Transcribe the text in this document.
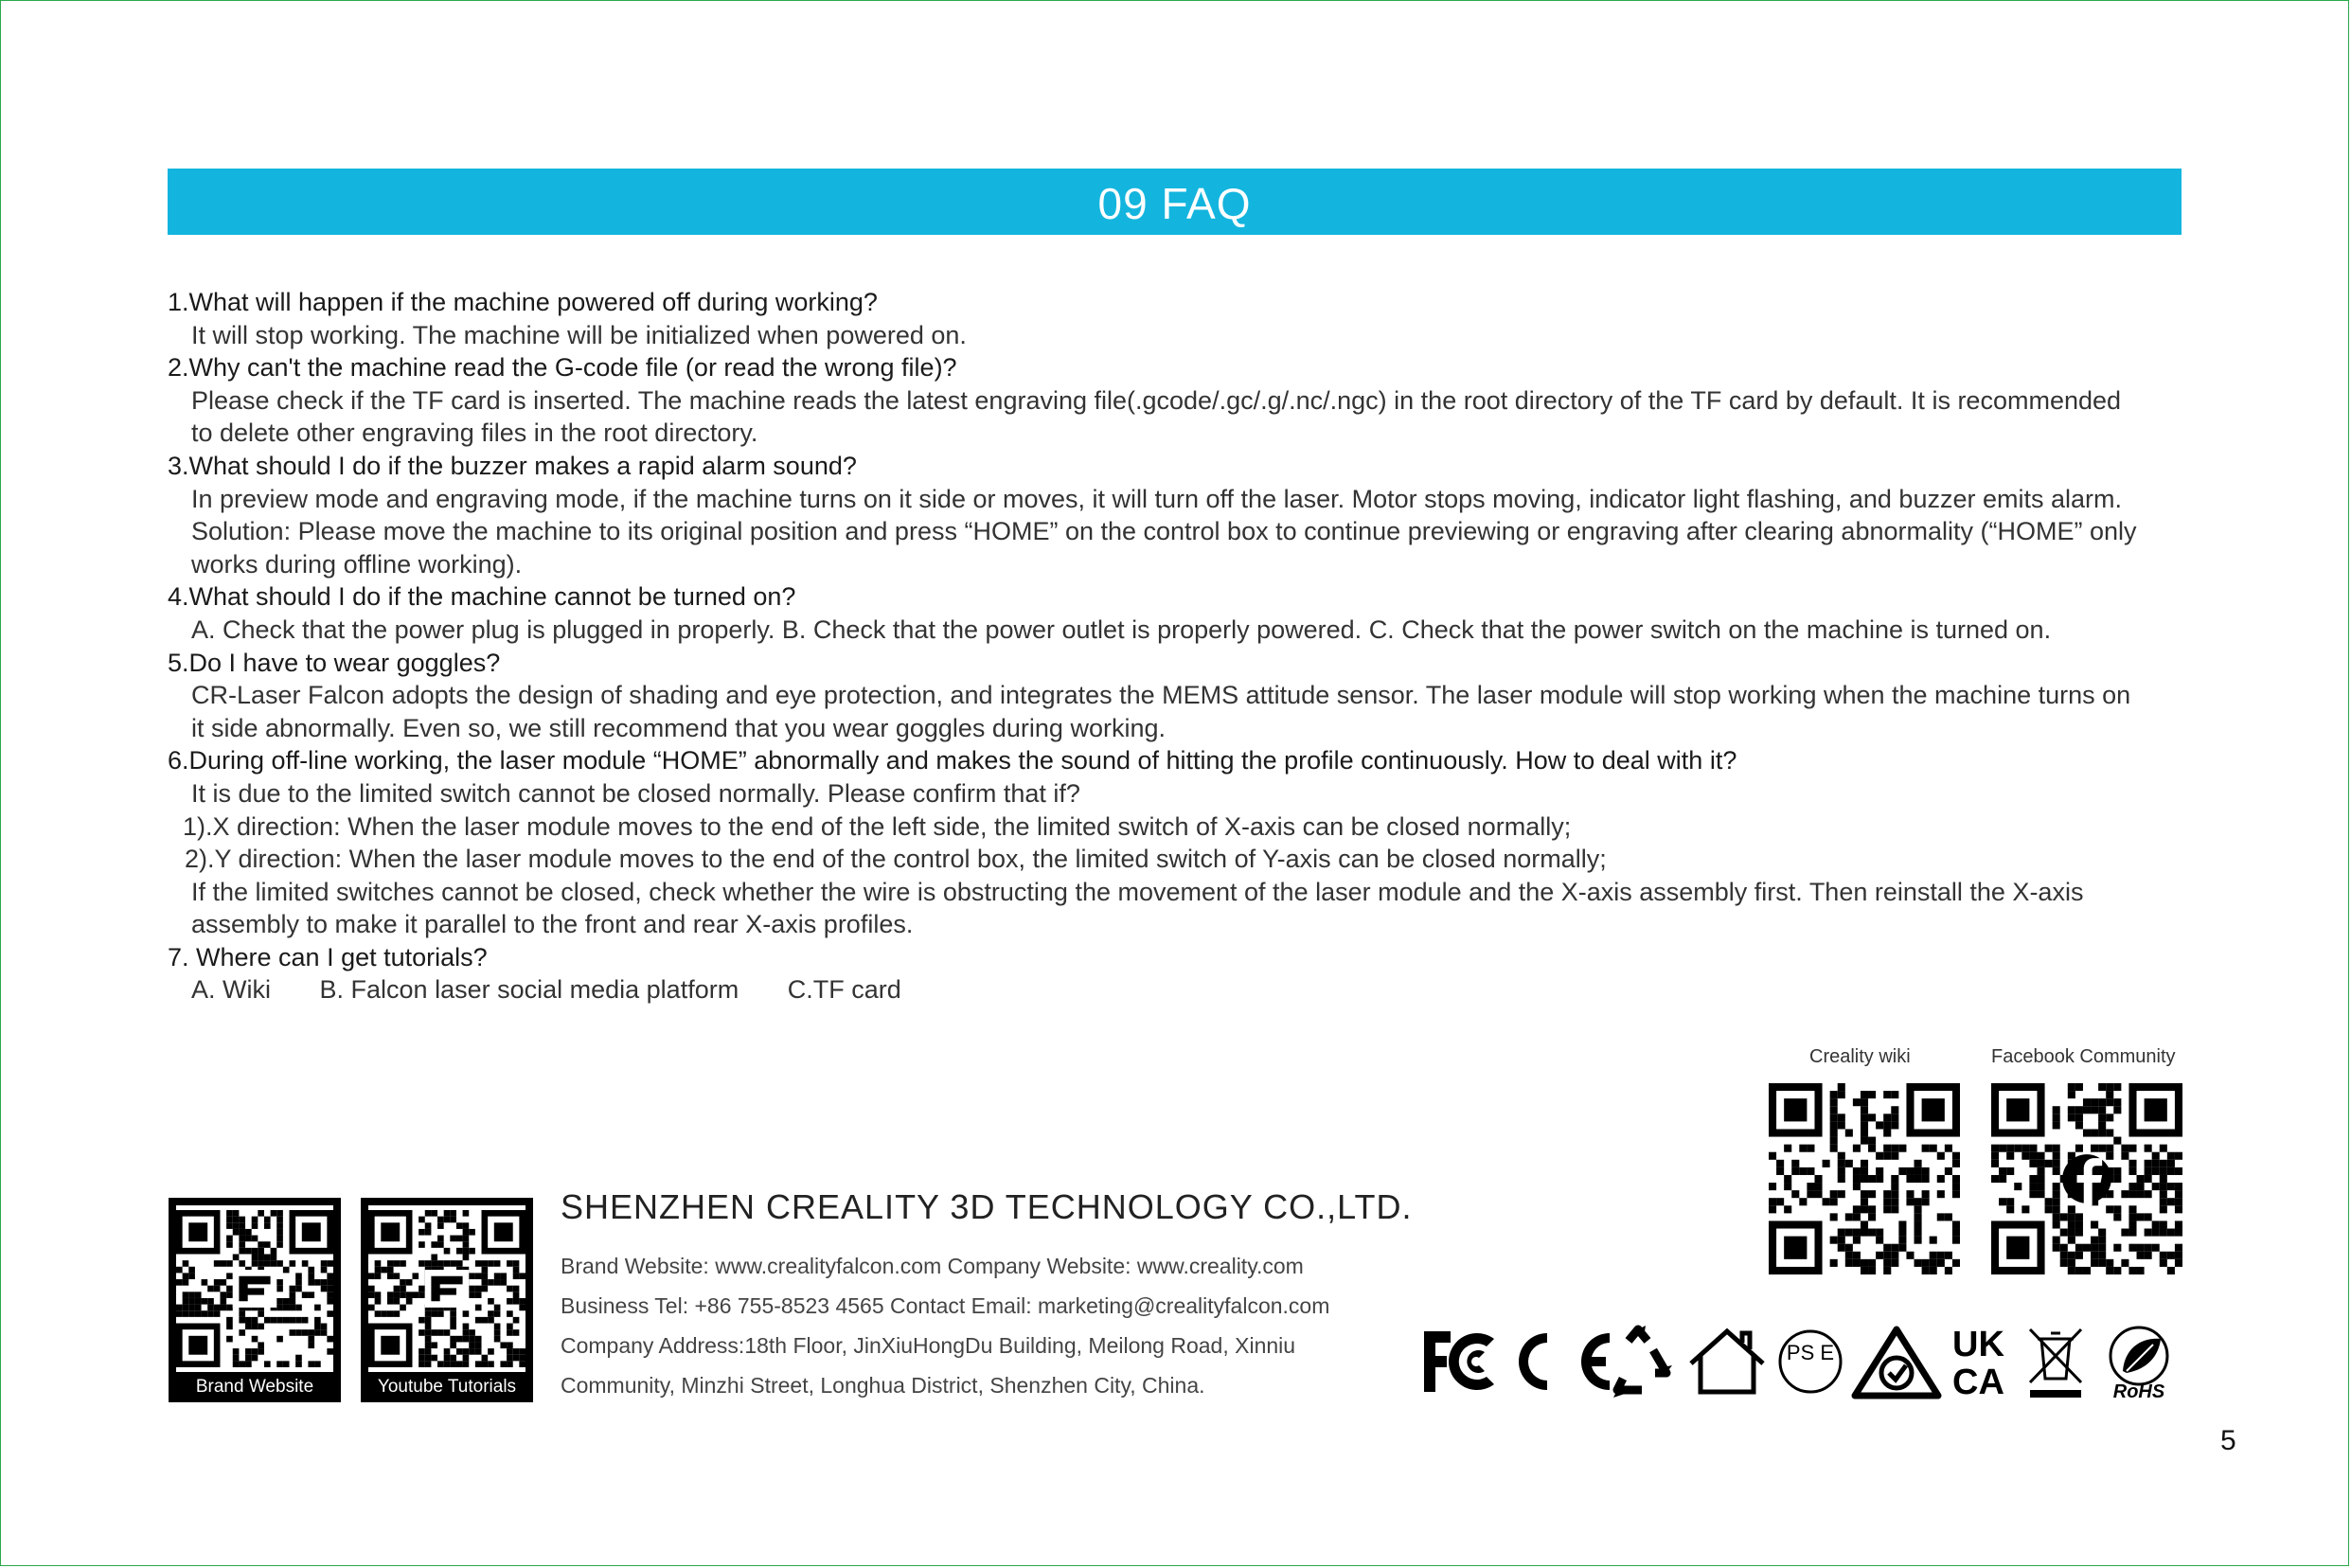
09 FAQ
1.What will happen if the machine powered off during working?
It will stop working. The machine will be initialized when powered on.
2.Why can't the machine read the G-code file (or read the wrong file)?
Please check if the TF card is inserted. The machine reads the latest engraving file(.gcode/.gc/.g/.nc/.ngc) in the root directory of the TF card by default. It is recommended
to delete other engraving files in the root directory.
3.What should I do if the buzzer makes a rapid alarm sound?
In preview mode and engraving mode, if the machine turns on it side or moves, it will turn off the laser. Motor stops moving, indicator light flashing, and buzzer emits alarm.
Solution: Please move the machine to its original position and press “HOME” on the control box to continue previewing or engraving after clearing abnormality (“HOME” only
works during offline working).
4.What should I do if the machine cannot be turned on?
A. Check that the power plug is plugged in properly. B. Check that the power outlet is properly powered. C. Check that the power switch on the machine is turned on.
5.Do I have to wear goggles?
CR-Laser Falcon adopts the design of shading and eye protection, and integrates the MEMS attitude sensor. The laser module will stop working when the machine turns on
it side abnormally. Even so, we still recommend that you wear goggles during working.
6.During off-line working, the laser module “HOME” abnormally and makes the sound of hitting the profile continuously. How to deal with it?
It is due to the limited switch cannot be closed normally. Please confirm that if?
1).X direction: When the laser module moves to the end of the left side, the limited switch of X-axis can be closed normally;
2).Y direction: When the laser module moves to the end of the control box, the limited switch of Y-axis can be closed normally;
If the limited switches cannot be closed, check whether the wire is obstructing the movement of the laser module and the X-axis assembly first. Then reinstall the X-axis
assembly to make it parallel to the front and rear X-axis profiles.
7. Where can I get tutorials?
A. Wiki B. Falcon laser social media platform C.TF card
Creality wiki	Facebook Community
Brand Website	Youtube Tutorials
SHENZHEN CREALITY 3D TECHNOLOGY CO.,LTD.
Brand Website: www.crealityfalcon.com Company Website: www.creality.com
Business Tel: +86 755-8523 4565 Contact Email: marketing@crealityfalcon.com
Company Address:18th Floor, JinXiuHongDu Building, Meilong Road, Xinniu
Community, Minzhi Street, Longhua District, Shenzhen City, China.
PS E	UK
CA	RoHS
5
